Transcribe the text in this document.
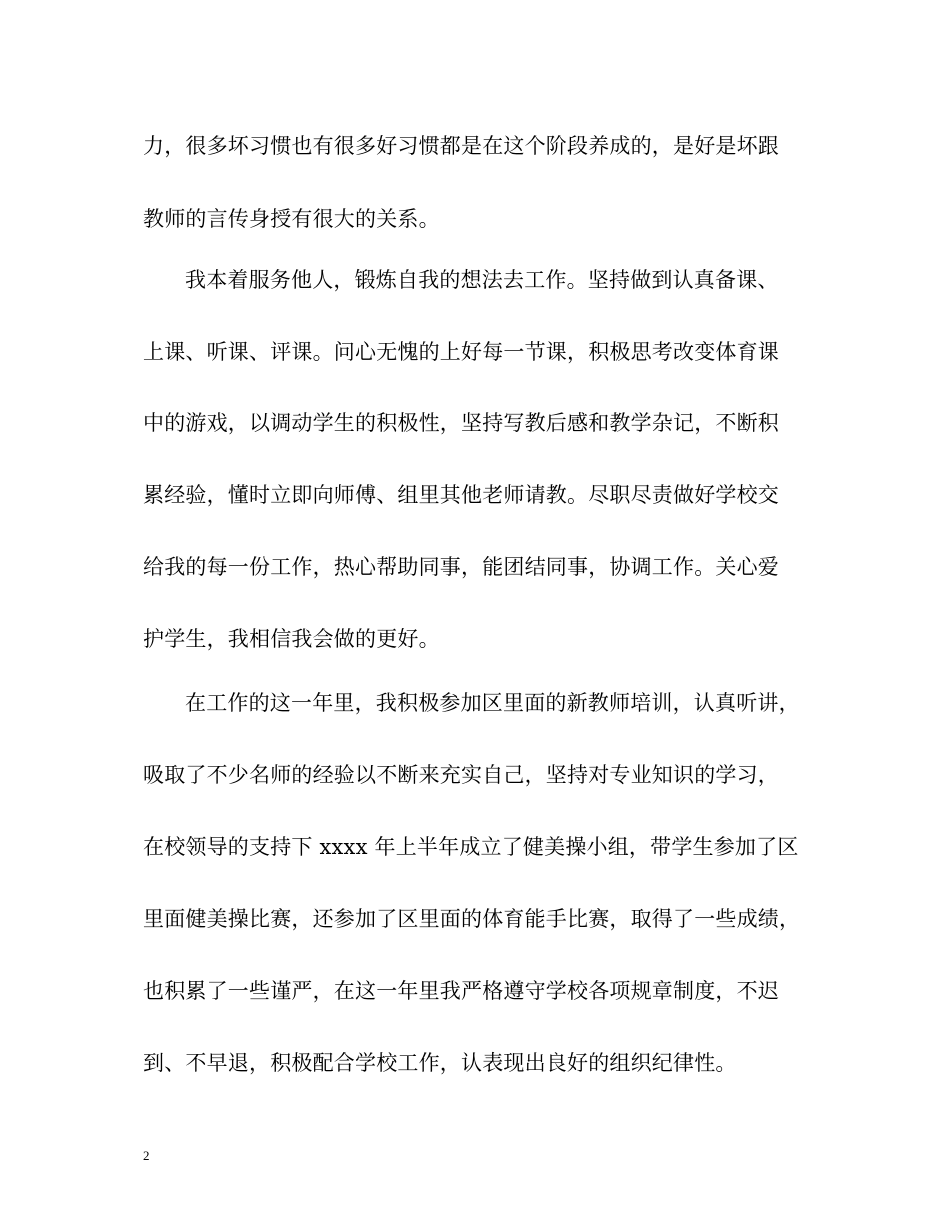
力，很多坏习惯也有很多好习惯都是在这个阶段养成的，是好是坏跟
教师的言传身授有很大的关系。
我本着服务他人，锻炼自我的想法去工作。坚持做到认真备课、
上课、听课、评课。问心无愧的上好每一节课，积极思考改变体育课
中的游戏，以调动学生的积极性，坚持写教后感和教学杂记，不断积
累经验，懂时立即向师傅、组里其他老师请教。尽职尽责做好学校交
给我的每一份工作，热心帮助同事，能团结同事，协调工作。关心爱
护学生，我相信我会做的更好。
在工作的这一年里，我积极参加区里面的新教师培训，认真听讲，
吸取了不少名师的经验以不断来充实自己，坚持对专业知识的学习，
在校领导的支持下 xxxx 年上半年成立了健美操小组，带学生参加了区
里面健美操比赛，还参加了区里面的体育能手比赛，取得了一些成绩，
也积累了一些谨严，在这一年里我严格遵守学校各项规章制度，不迟
到、不早退，积极配合学校工作，认表现出良好的组织纪律性。
2
